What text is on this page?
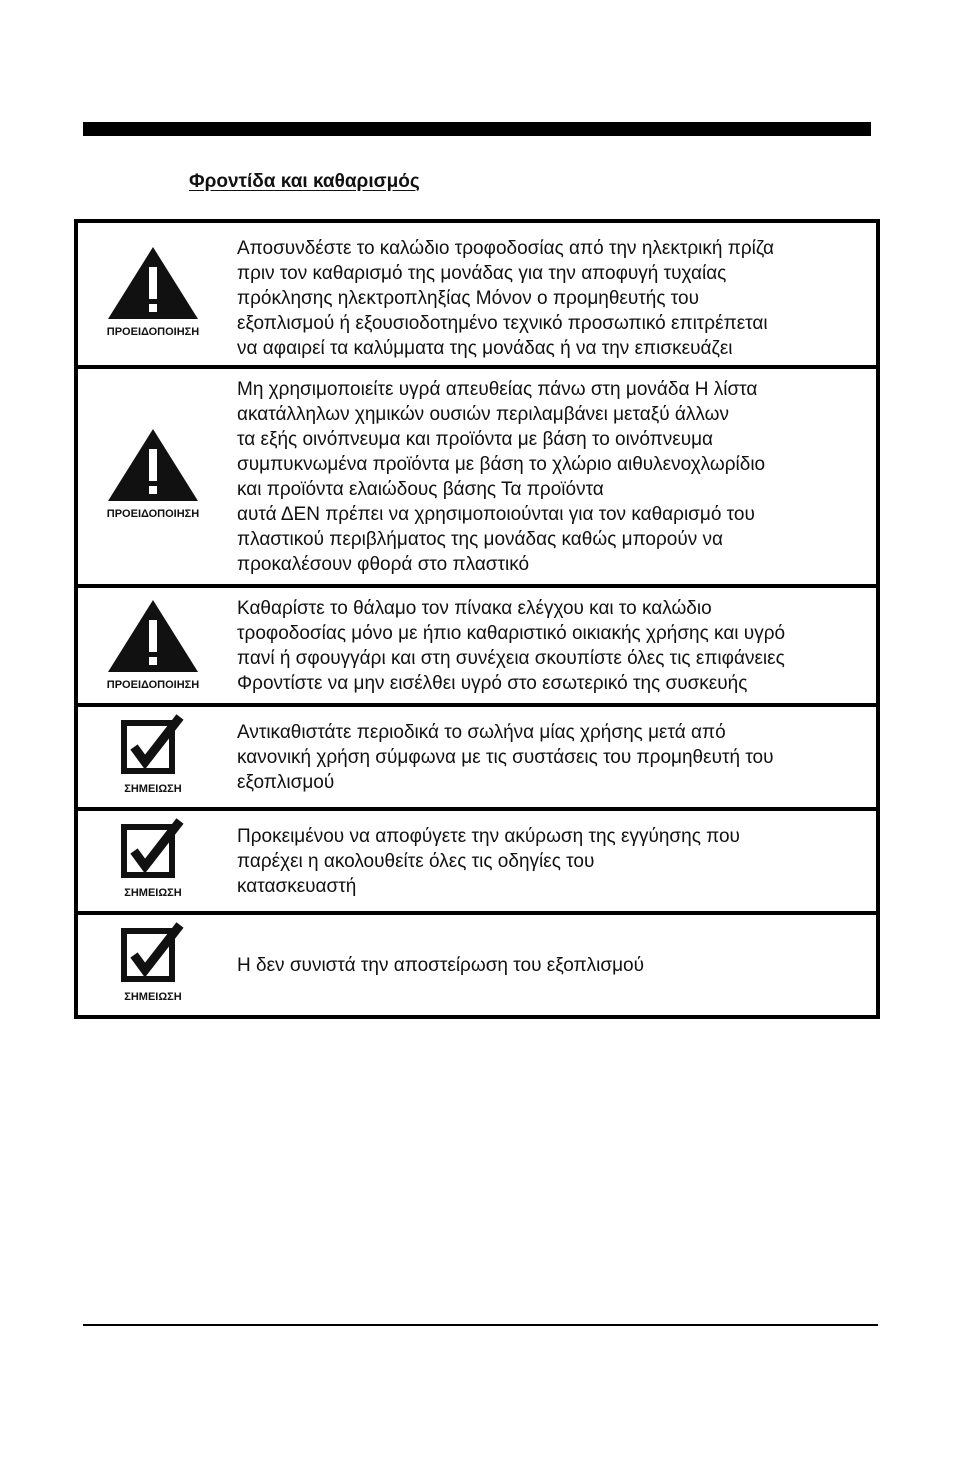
Φροντίδα και καθαρισμός
ΠΡΟΕΙΔΟΠΟΙΗΣΗ
Αποσυνδέστε το καλώδιο τροφοδοσίας από την ηλεκτρική πρίζα
πριν τον καθαρισμό της μονάδας για την αποφυγή τυχαίας
πρόκλησης ηλεκτροπληξίας Μόνον ο προμηθευτής του
εξοπλισμού ή εξουσιοδοτημένο τεχνικό προσωπικό επιτρέπεται
να αφαιρεί τα καλύμματα της μονάδας ή να την επισκευάζει
ΠΡΟΕΙΔΟΠΟΙΗΣΗ
Μη χρησιμοποιείτε υγρά απευθείας πάνω στη μονάδα Η λίστα
ακατάλληλων χημικών ουσιών περιλαμβάνει μεταξύ άλλων
τα εξής οινόπνευμα και προϊόντα με βάση το οινόπνευμα
συμπυκνωμένα προϊόντα με βάση το χλώριο αιθυλενοχλωρίδιο
και προϊόντα ελαιώδους βάσης Τα προϊόντα
αυτά ΔΕΝ πρέπει να χρησιμοποιούνται για τον καθαρισμό του
πλαστικού περιβλήματος της μονάδας καθώς μπορούν να
προκαλέσουν φθορά στο πλαστικό
ΠΡΟΕΙΔΟΠΟΙΗΣΗ
Καθαρίστε το θάλαμο τον πίνακα ελέγχου και το καλώδιο
τροφοδοσίας μόνο με ήπιο καθαριστικό οικιακής χρήσης και υγρό
πανί ή σφουγγάρι και στη συνέχεια σκουπίστε όλες τις επιφάνειες
Φροντίστε να μην εισέλθει υγρό στο εσωτερικό της συσκευής
ΣΗΜΕΙΩΣΗ
Αντικαθιστάτε περιοδικά το σωλήνα μίας χρήσης μετά από
κανονική χρήση σύμφωνα με τις συστάσεις του προμηθευτή του
εξοπλισμού
ΣΗΜΕΙΩΣΗ
Προκειμένου να αποφύγετε την ακύρωση της εγγύησης που
παρέχει η ακολουθείτε όλες τις οδηγίες του
κατασκευαστή
ΣΗΜΕΙΩΣΗ
Η δεν συνιστά την αποστείρωση του εξοπλισμού
